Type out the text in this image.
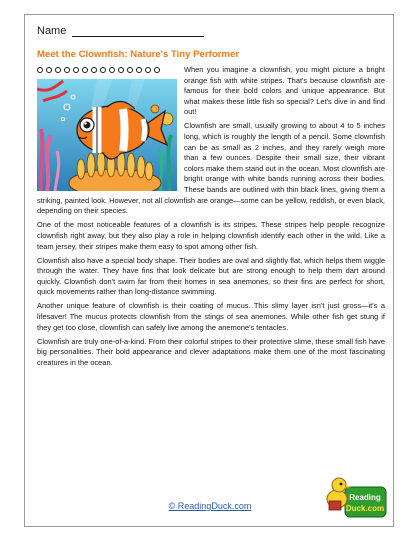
Name
Meet the Clownfish: Nature's Tiny Performer

When you imagine a clownfish, you might picture a bright orange fish with white stripes. That's because clownfish are famous for their bold colors and unique appearance. But what makes these little fish so special? Let's dive in and find out!

Clownfish are small, usually growing to about 4 to 5 inches long, which is roughly the length of a pencil. Some clownfish can be as small as 2 inches, and they rarely weigh more than a few ounces. Despite their small size, their vibrant colors make them stand out in the ocean. Most clownfish are bright orange with white bands running across their bodies. These bands are outlined with thin black lines, giving them a striking, painted look. However, not all clownfish are orange—some can be yellow, reddish, or even black, depending on their species.

One of the most noticeable features of a clownfish is its stripes. These stripes help people recognize clownfish right away, but they also play a role in helping clownfish identify each other in the wild. Like a team jersey, their stripes make them easy to spot among other fish.

Clownfish also have a special body shape. Their bodies are oval and slightly flat, which helps them wiggle through the water. They have fins that look delicate but are strong enough to help them dart around quickly. Clownfish don't swim far from their homes in sea anemones, so their fins are perfect for short, quick movements rather than long-distance swimming.

Another unique feature of clownfish is their coating of mucus. This slimy layer isn't just gross—it's a lifesaver! The mucus protects clownfish from the stings of sea anemones. While other fish get stung if they get too close, clownfish can safely live among the anemone's tentacles.

Clownfish are truly one-of-a-kind. From their colorful stripes to their protective slime, these small fish have big personalities. Their bold appearance and clever adaptations make them one of the most fascinating creatures in the ocean.

© ReadingDuck.com
Reading
Duck.com
